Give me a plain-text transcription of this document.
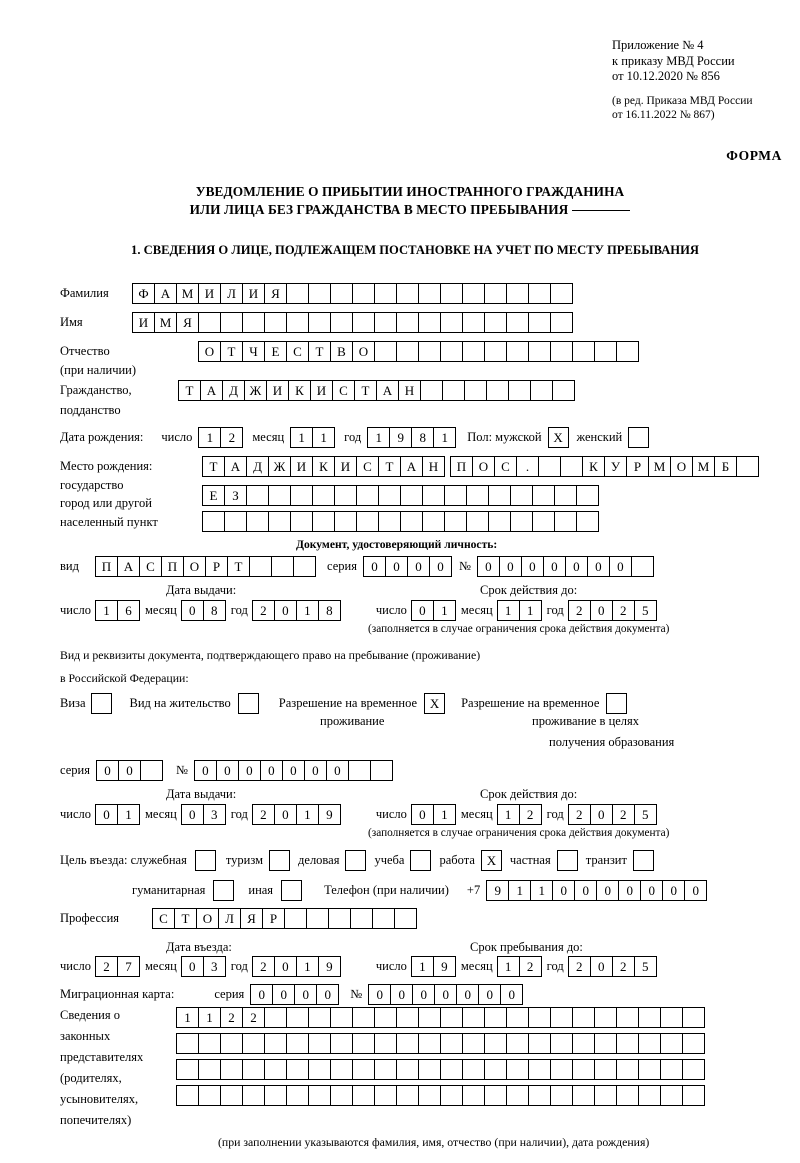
Приложение № 4
к приказу МВД России
от 10.12.2020 № 856
(в ред. Приказа МВД России
от 16.11.2022 № 867)
ФОРМА
УВЕДОМЛЕНИЕ О ПРИБЫТИИ ИНОСТРАННОГО ГРАЖДАНИНА
ИЛИ ЛИЦА БЕЗ ГРАЖДАНСТВА В МЕСТО ПРЕБЫВАНИЯ
1. СВЕДЕНИЯ О ЛИЦЕ, ПОДЛЕЖАЩЕМ ПОСТАНОВКЕ НА УЧЕТ ПО МЕСТУ ПРЕБЫВАНИЯ
Фамилия	Ф А М И Л И Я
Имя	И М Я
Отчество	О	Т	Ч	Е	С	Т	В О
(при наличии)
Гражданство,	Т	А Д Ж И К И С	Т	А Н
подданство
Дата рождения: число	1	2	месяц	1	1	год	1	9	8	1	Пол: мужской Х	женский
Место рождения:	Т	А Д Ж И К И С	Т	А Н	П О С	.	К	У	Р М О М Б
государство
Е	З
город или другой
населенный пункт
Документ, удостоверяющий личность:
вид	П А С П О	Р	Т	серия	0	0	0	0	№	0	0	0	0	0	0	0
Дата выдачи:	Срок действия до:
число 1	6	месяц 0	8	год 2	0	1	8	число 0	1	месяц 1	1	год 2	0	2	5
(заполняется в случае ограничения срока действия документа)
Вид и реквизиты документа, подтверждающего право на пребывание (проживание)
в Российской Федерации:
Виза	Вид на жительство	Разрешение на временное Х	Разрешение на временное
проживание	проживание в целях
получения образования
серия	0	0	№	0	0	0	0	0	0	0
Дата выдачи:	Срок действия до:
число 0	1	месяц 0	3	год 2	0	1	9	число 0	1	месяц 1	2	год 2	0	2	5
(заполняется в случае ограничения срока действия документа)
Цель въезда: служебная	туризм	деловая	учеба	работа Х	частная	транзит
гуманитарная	иная	Телефон (при наличии) +7	9	1	1	0	0	0	0	0	0	0
Профессия	С	Т	О Л	Я	Р
Дата въезда:	Срок пребывания до:
число 2	7	месяц 0	3	год 2	0	1	9	число 1	9	месяц 1	2	год 2	0	2	5
Миграционная карта:	серия	0	0	0	0	№	0	0	0	0	0	0	0
Сведения о
законных
представителях
(родителях,
усыновителях,
попечителях)
1	1	2	2
(при заполнении указываются фамилия, имя, отчество (при наличии), дата рождения)
